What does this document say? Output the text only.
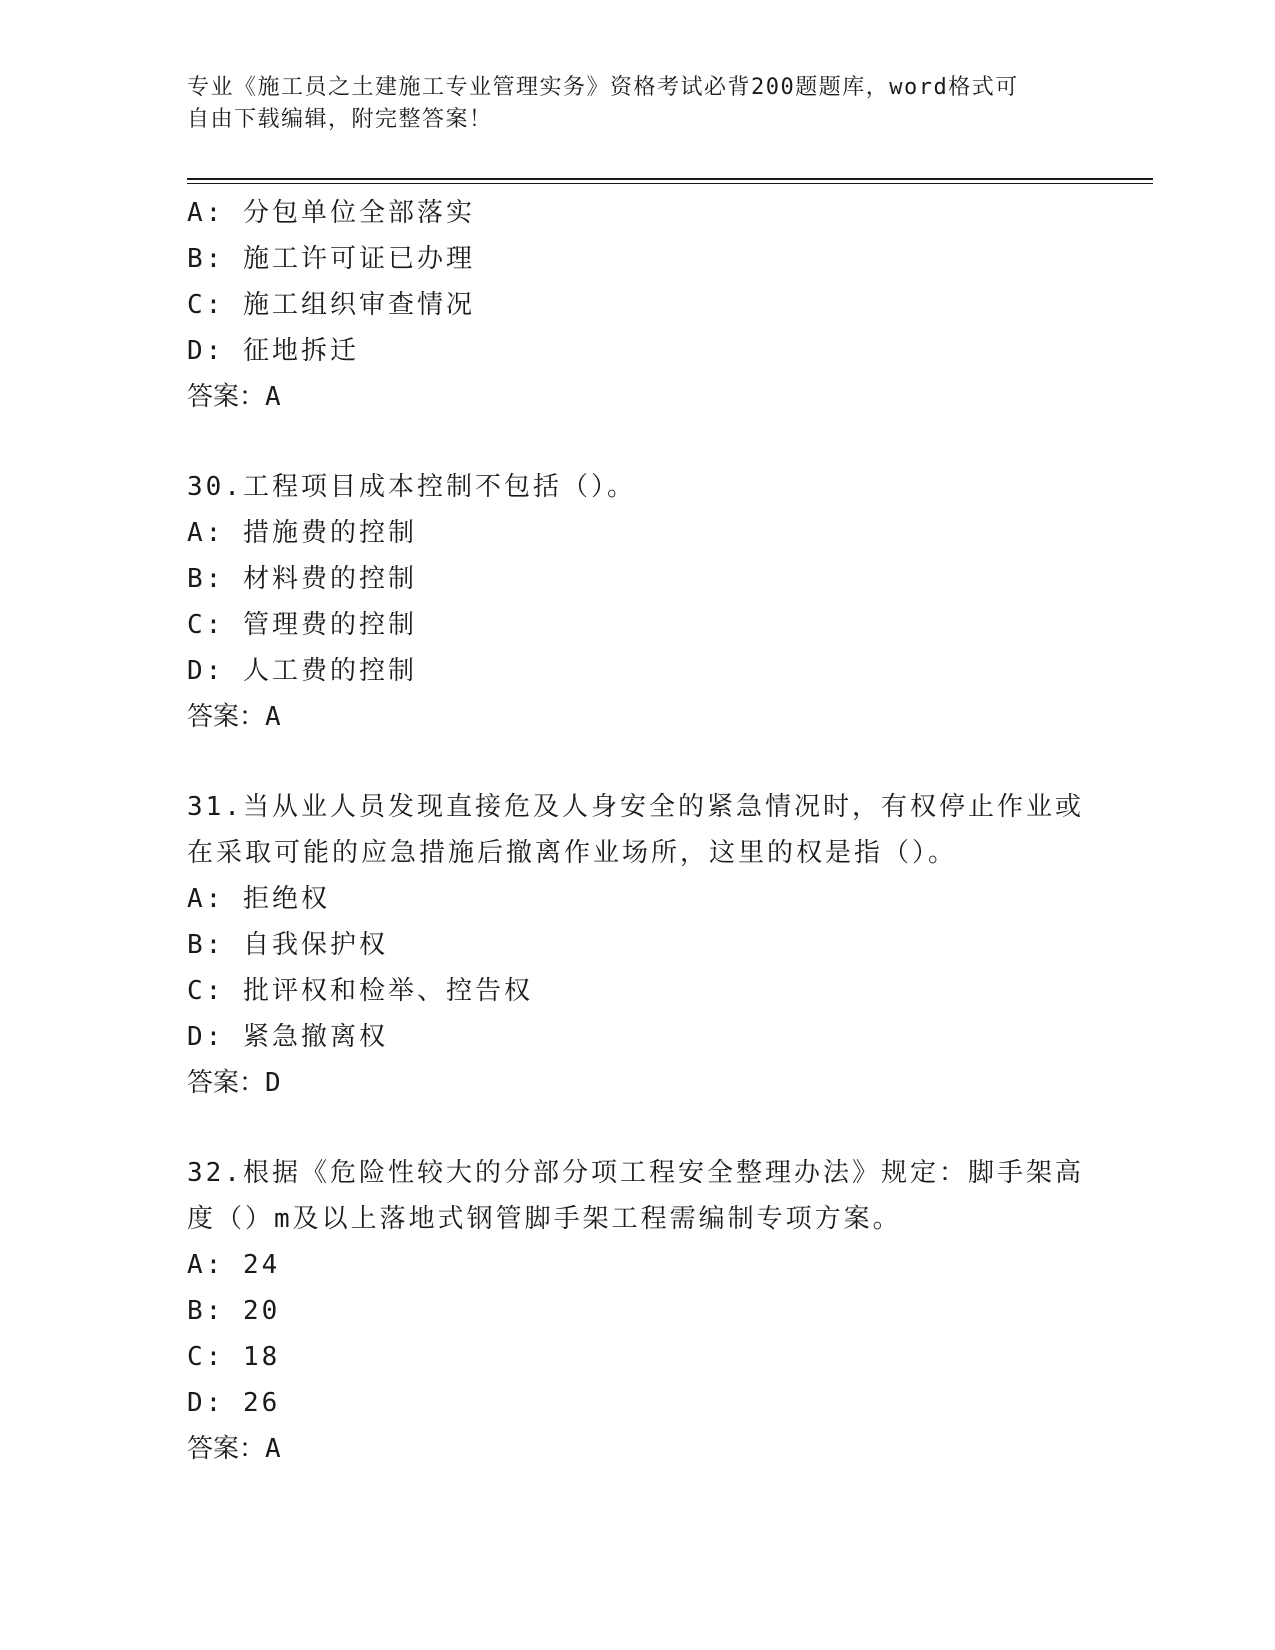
专业《施工员之土建施工专业管理实务》资格考试必背200题题库，word格式可
自由下载编辑，附完整答案！
A: 分包单位全部落实
B: 施工许可证已办理
C: 施工组织审查情况
D: 征地拆迁
答案：A
30.工程项目成本控制不包括（）。
A: 措施费的控制
B: 材料费的控制
C: 管理费的控制
D: 人工费的控制
答案：A
31.当从业人员发现直接危及人身安全的紧急情况时，有权停止作业或
在采取可能的应急措施后撤离作业场所，这里的权是指（）。
A: 拒绝权
B: 自我保护权
C: 批评权和检举、控告权
D: 紧急撤离权
答案：D
32.根据《危险性较大的分部分项工程安全整理办法》规定：脚手架高
度（）m及以上落地式钢管脚手架工程需编制专项方案。
A: 24
B: 20
C: 18
D: 26
答案：A
